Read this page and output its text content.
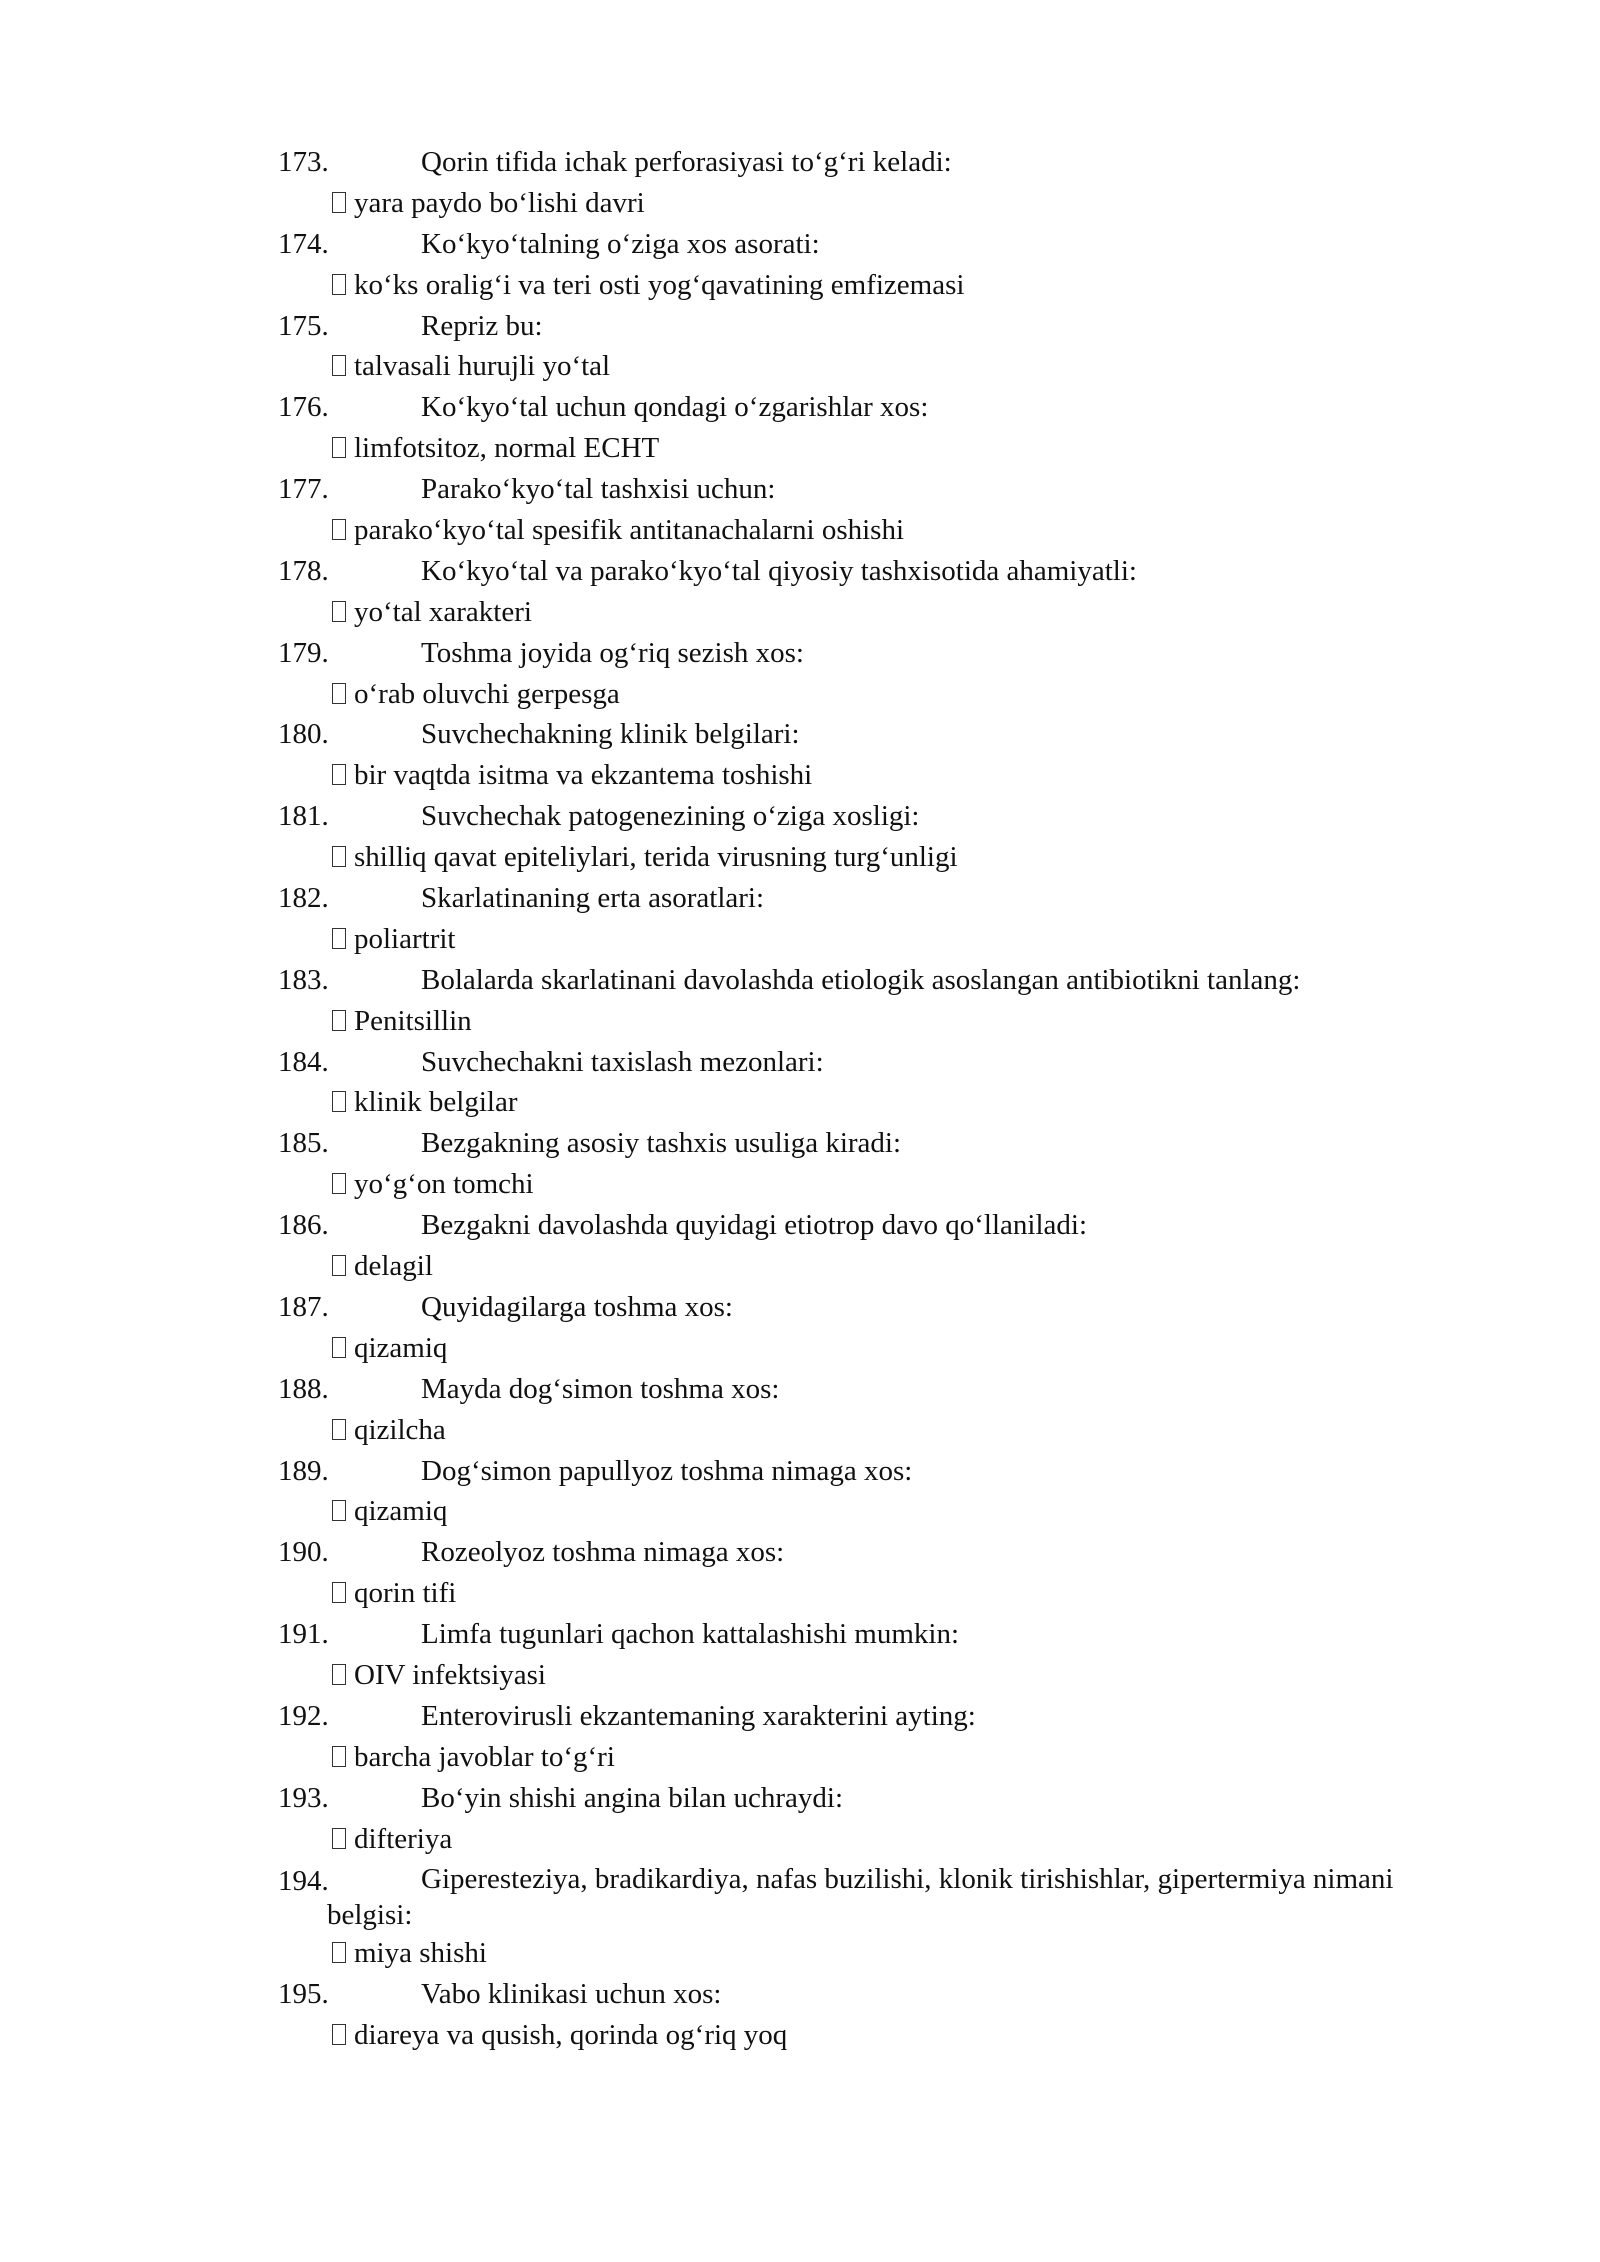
173.	Qorin tifida ichak perforasiyasi to‘g‘ri keladi:
yara paydo bo‘lishi davri
174.	Ko‘kyo‘talning o‘ziga xos asorati:
ko‘ks oralig‘i va teri osti yog‘qavatining emfizemasi
175.	Repriz bu:
talvasali hurujli yo‘tal
176.	Ko‘kyo‘tal uchun qondagi o‘zgarishlar xos:
limfotsitoz, normal ECHT
177.	Parako‘kyo‘tal tashxisi uchun:
parako‘kyo‘tal spesifik antitanachalarni oshishi
178.	Ko‘kyo‘tal va parako‘kyo‘tal qiyosiy tashxisotida ahamiyatli:
yo‘tal xarakteri
179.	Toshma joyida og‘riq sezish xos:
o‘rab oluvchi gerpesga
180.	Suvchechakning klinik belgilari:
bir vaqtda isitma va ekzantema toshishi
181.	Suvchechak patogenezining o‘ziga xosligi:
shilliq qavat epiteliylari, terida virusning turg‘unligi
182.	Skarlatinaning erta asoratlari:
poliartrit
183.	Bolalarda skarlatinani davolashda etiologik asoslangan antibiotikni tanlang:
Penitsillin
184.	Suvchechakni taxislash mezonlari:
klinik belgilar
185.	Bezgakning asosiy tashxis usuliga kiradi:
yo‘g‘on tomchi
186.	Bezgakni davolashda quyidagi etiotrop davo qo‘llaniladi:
delagil
187.	Quyidagilarga toshma xos:
qizamiq
188.	Mayda dog‘simon toshma xos:
qizilcha
189.	Dog‘simon papullyoz toshma nimaga xos:
qizamiq
190.	Rozeolyoz toshma nimaga xos:
qorin tifi
191.	Limfa tugunlari qachon kattalashishi mumkin:
OIV infektsiyasi
192.	Enterovirusli ekzantemaning xarakterini ayting:
barcha javoblar to‘g‘ri
193.	Bo‘yin shishi angina bilan uchraydi:
difteriya
194.	Giperesteziya, bradikardiya, nafas buzilishi, klonik tirishishlar, gipertermiya nimani belgisi:
miya shishi
195.	Vabo klinikasi uchun xos:
diareya va qusish, qorinda og‘riq yoq
